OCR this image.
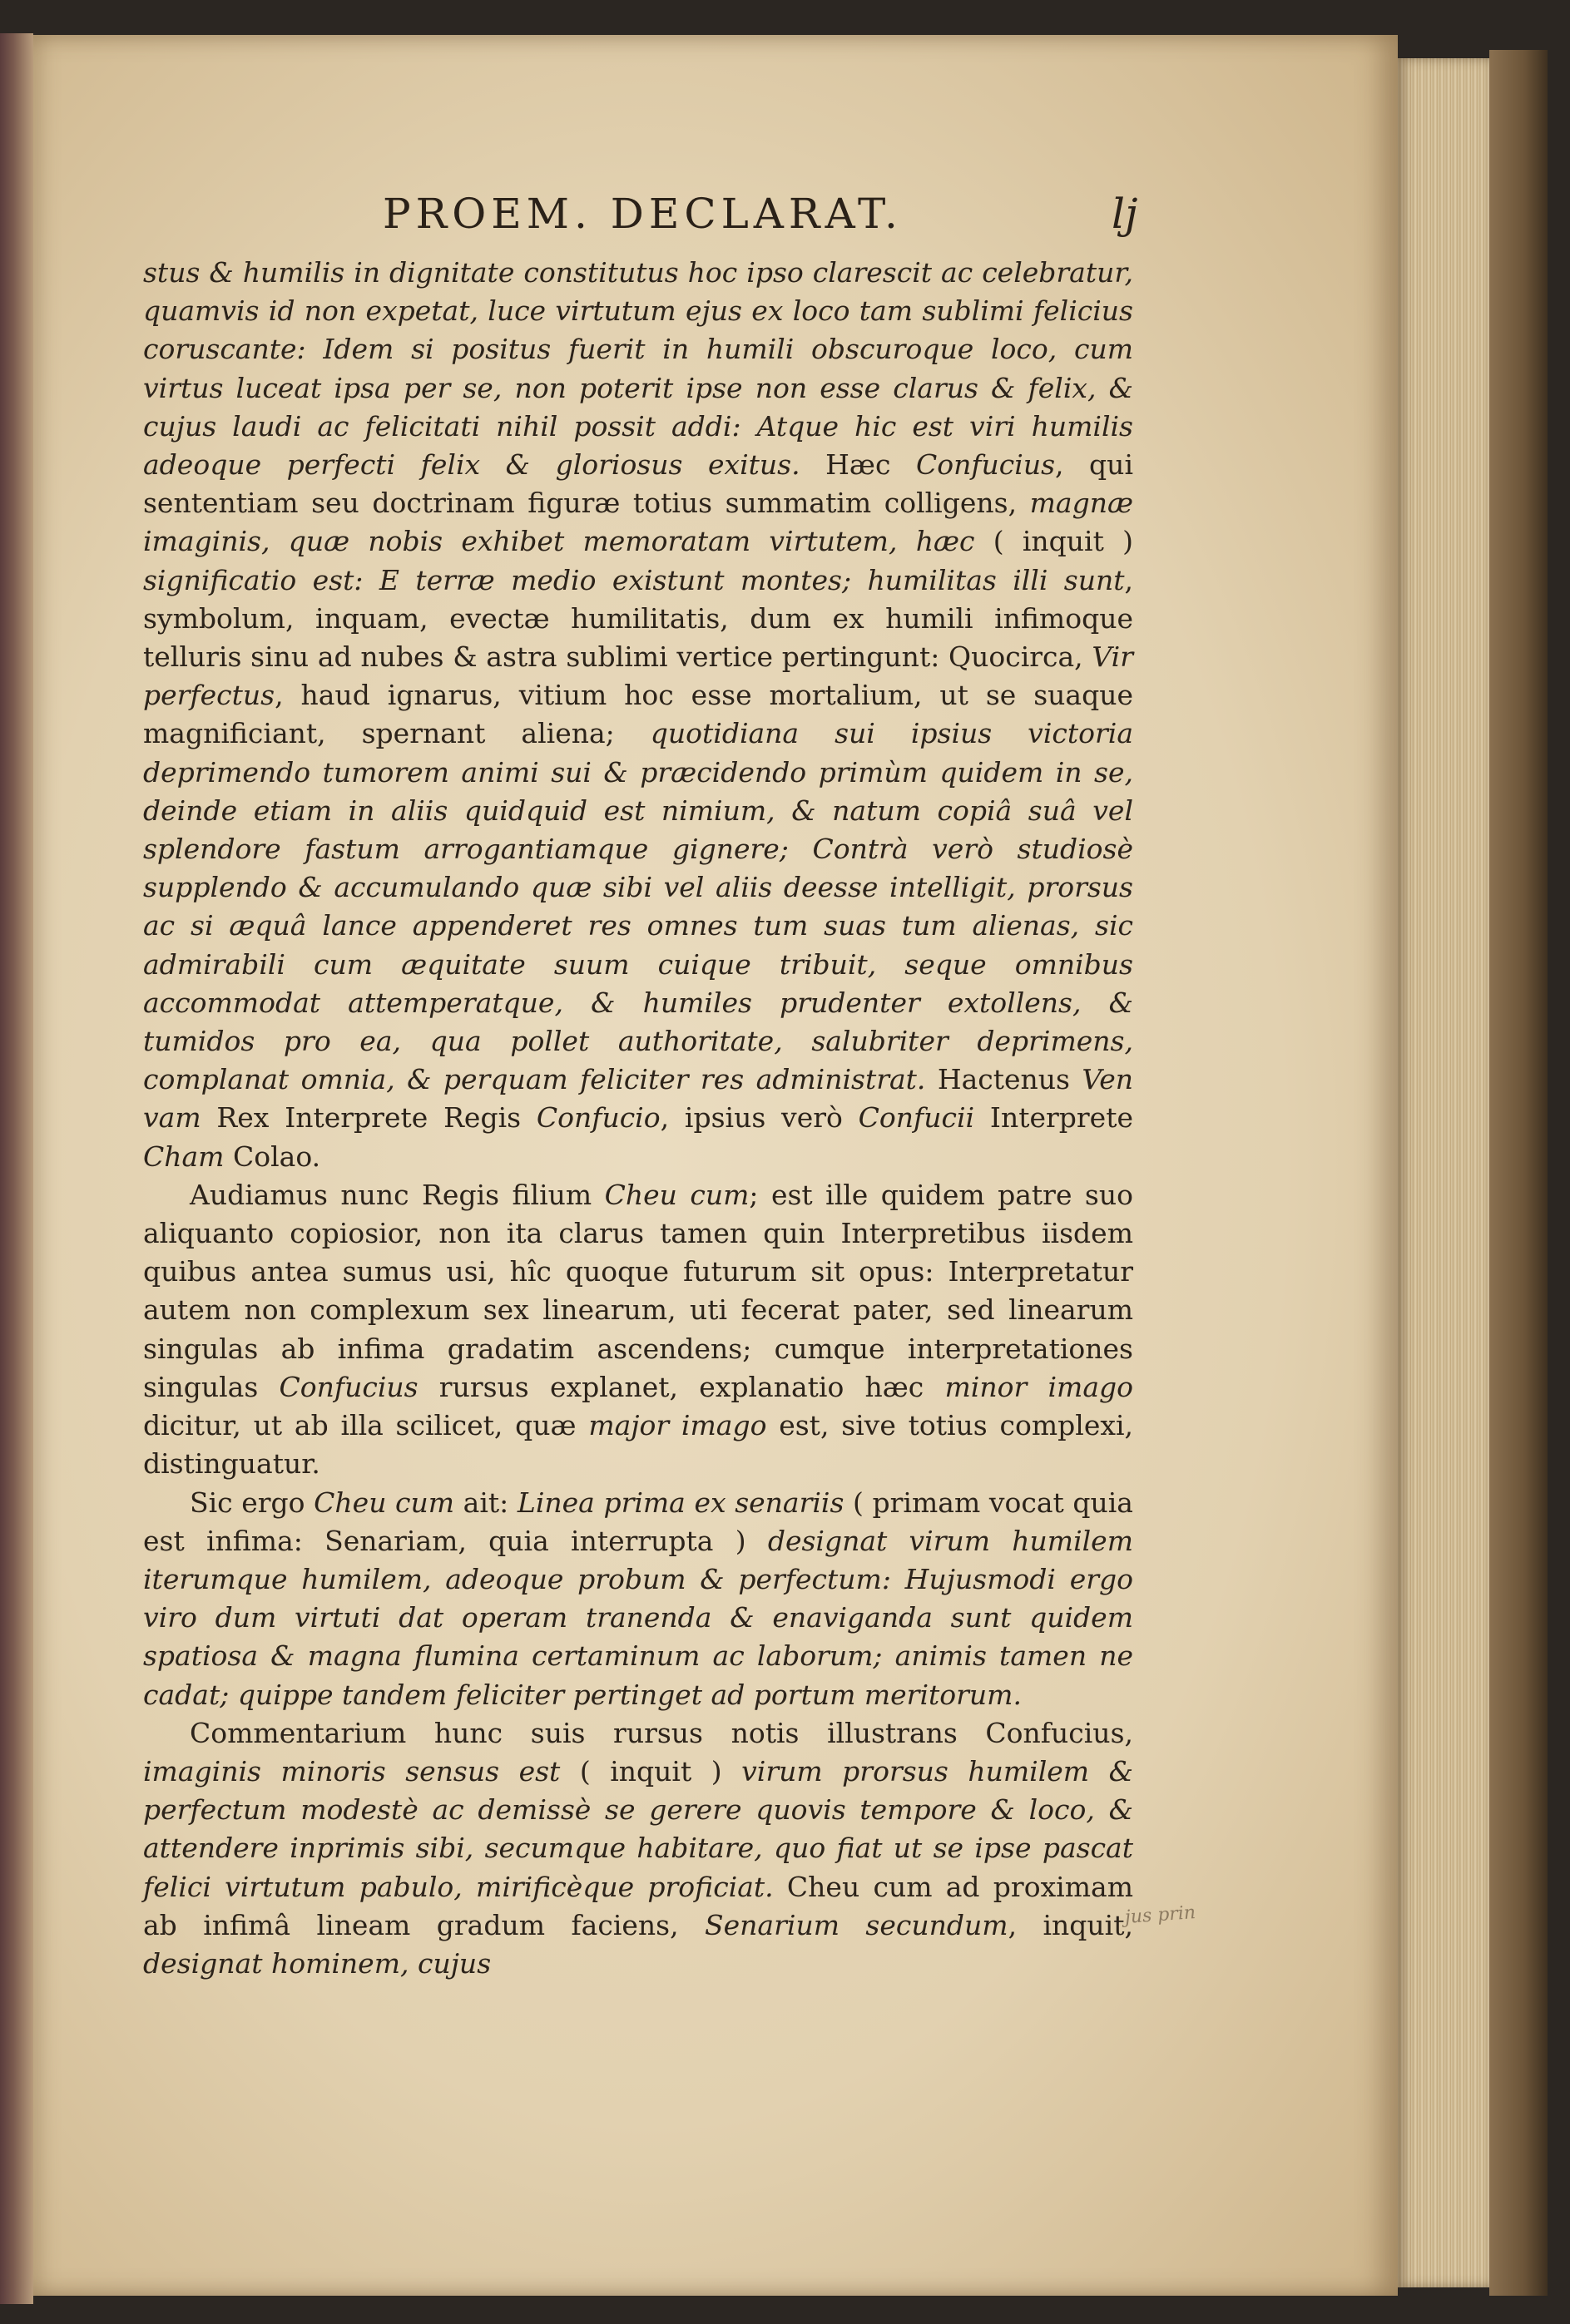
PROEM. DECLARAT.	lj

stus & humilis in dignitate constitutus hoc ipso clarescit ac celebratur, quamvis id non expetat, luce virtutum ejus ex loco tam sublimi felicius coruscante: Idem si positus fuerit in humili obscuroque loco, cum virtus luceat ipsa per se, non poterit ipse non esse clarus & felix, & cujus laudi ac felicitati nihil possit addi: Atque hic est viri humilis adeoque perfecti felix & gloriosus exitus. Hæc Confucius, qui sententiam seu doctrinam figuræ totius summatim colligens, magnæ imaginis, quæ nobis exhibet memoratam virtutem, hæc ( inquit ) significatio est: E terræ medio existunt montes; humilitas illi sunt, symbolum, inquam, evectæ humilitatis, dum ex humili infimoque telluris sinu ad nubes & astra sublimi vertice pertingunt: Quocirca, Vir perfectus, haud ignarus, vitium hoc esse mortalium, ut se suaque magnificiant, spernant aliena; quotidiana sui ipsius victoria deprimendo tumorem animi sui & præcidendo primùm quidem in se, deinde etiam in aliis quidquid est nimium, & natum copiâ suâ vel splendore fastum arrogantiamque gignere; Contrà verò studiosè supplendo & accumulando quæ sibi vel aliis deesse intelligit, prorsus ac si æquâ lance appenderet res omnes tum suas tum alienas, sic admirabili cum æquitate suum cuique tribuit, seque omnibus accommodat attemperatque, & humiles prudenter extollens, & tumidos pro ea, qua pollet authoritate, salubriter deprimens, complanat omnia, & perquam feliciter res administrat. Hactenus Ven vam Rex Interprete Regis Confucio, ipsius verò Confucii Interprete Cham Colao.

Audiamus nunc Regis filium Cheu cum; est ille quidem patre suo aliquanto copiosior, non ita clarus tamen quin Interpretibus iisdem quibus antea sumus usi, hîc quoque futurum sit opus: Interpretatur autem non complexum sex linearum, uti fecerat pater, sed linearum singulas ab infima gradatim ascendens; cumque interpretationes singulas Confucius rursus explanet, explanatio hæc minor imago dicitur, ut ab illa scilicet, quæ major imago est, sive totius complexi, distinguatur.

Sic ergo Cheu cum ait: Linea prima ex senariis ( primam vocat quia est infima: Senariam, quia interrupta ) designat virum humilem iterumque humilem, adeoque probum & perfectum: Hujusmodi ergo viro dum virtuti dat operam tranenda & enaviganda sunt quidem spatiosa & magna flumina certaminum ac laborum; animis tamen ne cadat; quippe tandem feliciter pertinget ad portum meritorum.

Commentarium hunc suis rursus notis illustrans Confucius, imaginis minoris sensus est ( inquit ) virum prorsus humilem & perfectum modestè ac demissè se gerere quovis tempore & loco, & attendere inprimis sibi, secumque habitare, quo fiat ut se ipse pascat felici virtutum pabulo, mirificèque proficiat. Cheu cum ad proximam ab infimâ lineam gradum faciens, Senarium secundum, inquit, designat hominem, cujus

jus prin
